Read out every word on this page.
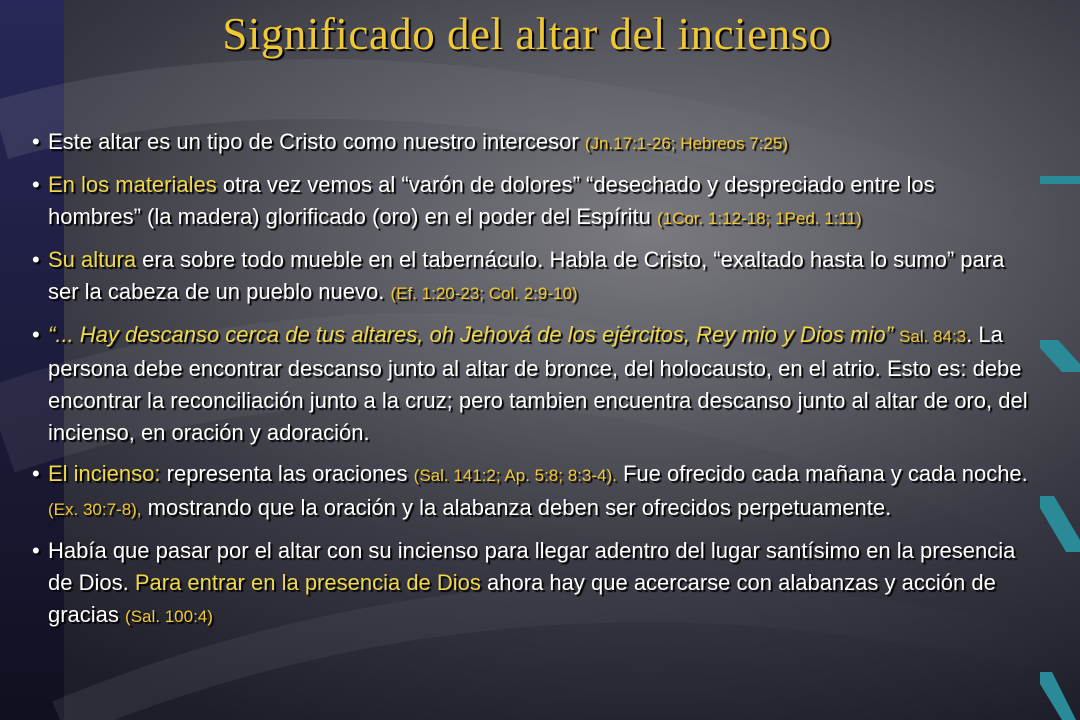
Significado del altar del incienso
• Este altar es un tipo de Cristo como nuestro intercesor (Jn.17:1-26; Hebreos 7:25)
• En los materiales otra vez vemos al “varón de dolores” “desechado y despreciado entre los hombres” (la madera) glorificado (oro) en el poder del Espíritu (1Cor. 1:12-18; 1Ped. 1:11)
• Su altura era sobre todo mueble en el tabernáculo. Habla de Cristo, “exaltado hasta lo sumo” para ser la cabeza de un pueblo nuevo. (Ef. 1:20-23; Col. 2:9-10)
• “... Hay descanso cerca de tus altares, oh Jehová de los ejércitos, Rey mio y Dios mio” Sal. 84:3. La persona debe encontrar descanso junto al altar de bronce, del holocausto, en el atrio. Esto es: debe encontrar la reconciliación junto a la cruz; pero tambien encuentra descanso junto al altar de oro, del incienso, en oración y adoración.
• El incienso: representa las oraciones (Sal. 141:2; Ap. 5:8; 8:3-4). Fue ofrecido cada mañana y cada noche. (Ex. 30:7-8), mostrando que la oración y la alabanza deben ser ofrecidos perpetuamente.
• Había que pasar por el altar con su incienso para llegar adentro del lugar santísimo en la presencia de Dios. Para entrar en la presencia de Dios ahora hay que acercarse con alabanzas y acción de gracias (Sal. 100:4)
